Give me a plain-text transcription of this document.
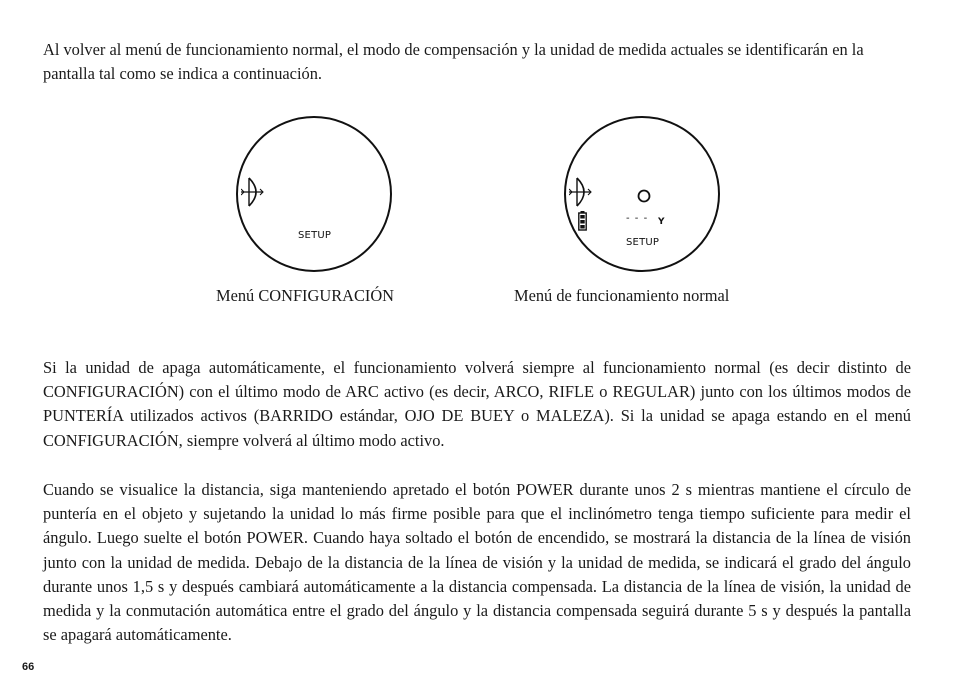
Al volver al menú de funcionamiento normal, el modo de compensación y la unidad de medida actuales se identificarán en la pantalla tal como se indica a continuación.

SETUP
Menú CONFIGURACIÓN
- - - Y
SETUP
Menú de funcionamiento normal

Si la unidad de apaga automáticamente, el funcionamiento volverá siempre al funcionamiento normal (es decir distinto de CONFIGURACIÓN) con el último modo de ARC activo (es decir, ARCO, RIFLE o REGULAR) junto con los últimos modos de PUNTERÍA utilizados activos (BARRIDO estándar, OJO DE BUEY o MALEZA). Si la unidad se apaga estando en el menú CONFIGURACIÓN, siempre volverá al último modo activo.

Cuando se visualice la distancia, siga manteniendo apretado el botón POWER durante unos 2 s mientras mantiene el círculo de puntería en el objeto y sujetando la unidad lo más firme posible para que el inclinómetro tenga tiempo suficiente para medir el ángulo. Luego suelte el botón POWER. Cuando haya soltado el botón de encendido, se mostrará la distancia de la línea de visión junto con la unidad de medida. Debajo de la distancia de la línea de visión y la unidad de medida, se indicará el grado del ángulo durante unos 1,5 s y después cambiará automáticamente a la distancia compensada. La distancia de la línea de visión, la unidad de medida y la conmutación automática entre el grado del ángulo y la distancia compensada seguirá durante 5 s y después la pantalla se apagará automáticamente.

66
